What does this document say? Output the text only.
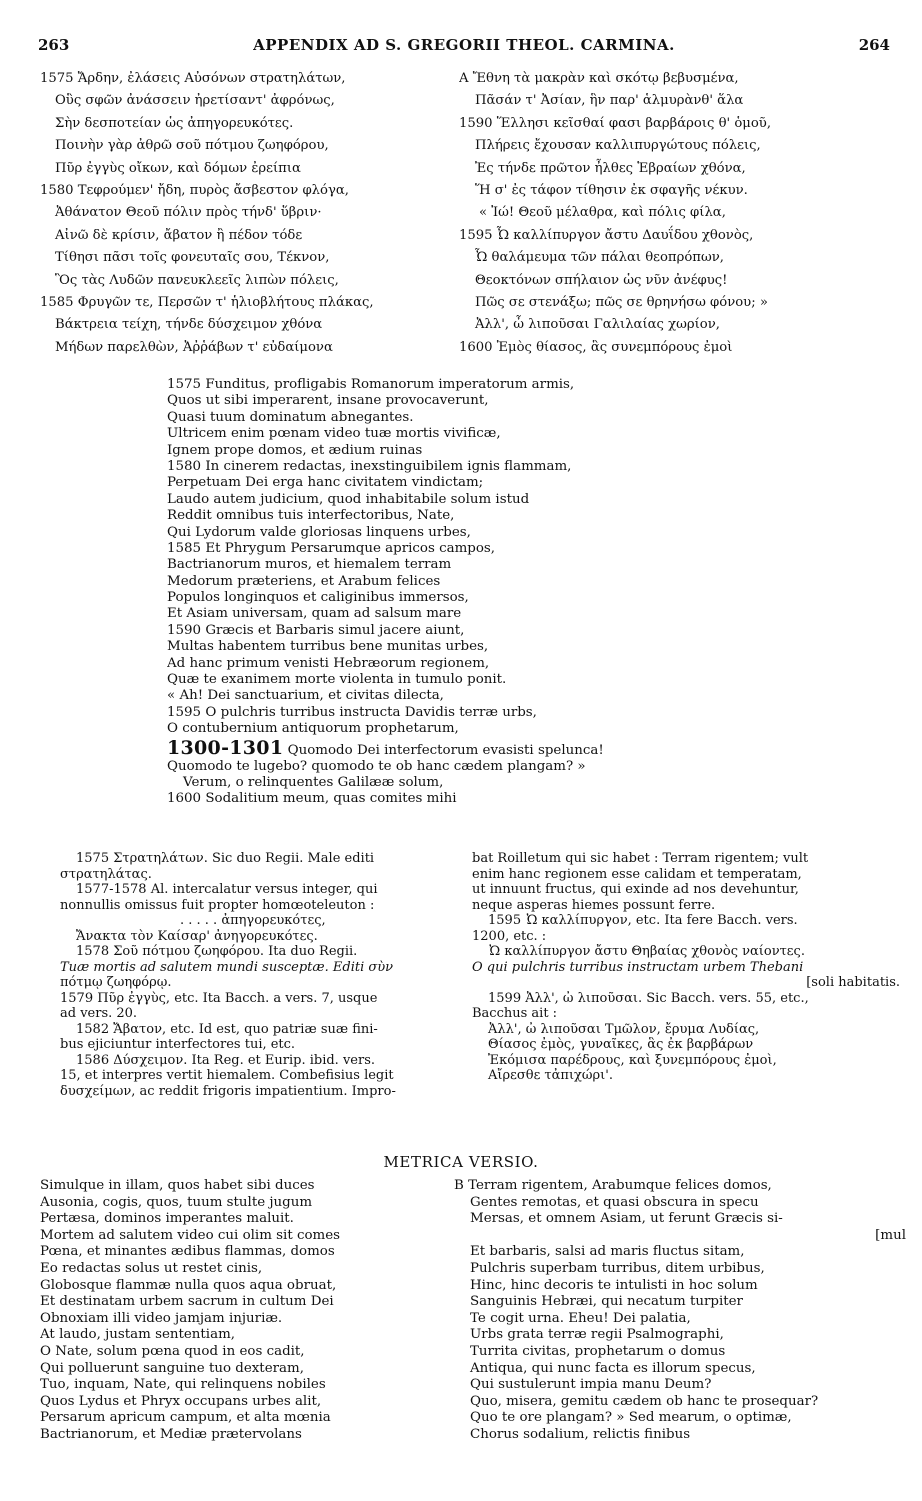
263	APPENDIX AD S. GREGORII THEOL. CARMINA.	264
1575 Ἄρδην, ἐλάσεις Αὐσόνων στρατηλάτων,
Οὓς σφῶν ἀνάσσειν ἠρετίσαντ' ἀφρόνως,
Σὴν δεσποτείαν ὡς ἀπηγορευκότες.
Ποινὴν γὰρ ἀθρῶ σοῦ πότμου ζωηφόρου,
Πῦρ ἐγγὺς οἴκων, καὶ δόμων ἐρείπια
1580 Τεφρούμεν' ἤδη, πυρὸς ἄσβεστον φλόγα,
Ἀθάνατον Θεοῦ πόλιν πρὸς τήνδ' ὕβριν·
Αἰνῶ δὲ κρίσιν, ἄβατον ἢ πέδον τόδε
Τίθησι πᾶσι τοῖς φονευταῖς σου, Τέκνον,
Ὃς τὰς Λυδῶν πανευκλεεῖς λιπὼν πόλεις,
1585 Φρυγῶν τε, Περσῶν τ' ἡλιοβλήτους πλάκας,
Βάκτρεια τείχη, τήνδε δύσχειμον χθόνα
Μήδων παρελθὼν, Ἀῤῥάβων τ' εὐδαίμονα
A Ἔθνη τὰ μακρὰν καὶ σκότῳ βεβυσμένα,
Πᾶσάν τ' Ἀσίαν, ἣν παρ' ἁλμυρὰνθ' ἅλα
1590 Ἕλλησι κεῖσθαί φασι βαρβάροις θ' ὁμοῦ,
Πλήρεις ἔχουσαν καλλιπυργώτους πόλεις,
Ἐς τήνδε πρῶτον ἦλθες Ἑβραίων χθόνα,
Ἥ σ' ἐς τάφον τίθησιν ἐκ σφαγῆς νέκυν.
« Ἰώ! Θεοῦ μέλαθρα, καὶ πόλις φίλα,
1595 Ὦ καλλίπυργον ἄστυ Δαυΐδου χθονὸς,
Ὦ θαλάμευμα τῶν πάλαι θεοπρόπων,
Θεοκτόνων σπήλαιον ὡς νῦν ἀνέφυς!
Πῶς σε στενάξω; πῶς σε θρηνήσω φόνου; »
Ἀλλ', ὦ λιποῦσαι Γαλιλαίας χωρίον,
1600 Ἐμὸς θίασος, ἃς συνεμπόρους ἐμοὶ
1575 Funditus, profligabis Romanorum imperatorum armis,
Quos ut sibi imperarent, insane provocaverunt,
Quasi tuum dominatum abnegantes.
Ultricem enim pœnam video tuæ mortis vivificæ,
Ignem prope domos, et ædium ruinas
1580 In cinerem redactas, inexstinguibilem ignis flammam,
Perpetuam Dei erga hanc civitatem vindictam;
Laudo autem judicium, quod inhabitabile solum istud
Reddit omnibus tuis interfectoribus, Nate,
Qui Lydorum valde gloriosas linquens urbes,
1585 Et Phrygum Persarumque apricos campos,
Bactrianorum muros, et hiemalem terram
Medorum præteriens, et Arabum felices
Populos longinquos et caliginibus immersos,
Et Asiam universam, quam ad salsum mare
1590 Græcis et Barbaris simul jacere aiunt,
Multas habentem turribus bene munitas urbes,
Ad hanc primum venisti Hebræorum regionem,
Quæ te exanimem morte violenta in tumulo ponit.
« Ah! Dei sanctuarium, et civitas dilecta,
1595 O pulchris turribus instructa Davidis terræ urbs,
O contubernium antiquorum prophetarum,
1300-1301 Quomodo Dei interfectorum evasisti spelunca!
Quomodo te lugebo? quomodo te ob hanc cædem plangam? »
Verum, o relinquentes Galilææ solum,
1600 Sodalitium meum, quas comites mihi
1575 Στρατηλάτων. Sic duo Regii. Male editi
στρατηλάτας.
1577-1578 Al. intercalatur versus integer, qui
nonnullis omissus fuit propter homœoteleuton :
. . . . . ἀπηγορευκότες,
Ἄνακτα τὸν Καίσαρ' ἀνηγορευκότες.
1578 Σοῦ πότμου ζωηφόρου. Ita duo Regii.
Tuæ mortis ad salutem mundi susceptæ. Editi σὺν
πότμῳ ζωηφόρῳ.
1579 Πῦρ ἐγγὺς, etc. Ita Bacch. a vers. 7, usque
ad vers. 20.
1582 Ἄβατον, etc. Id est, quo patriæ suæ fini-
bus ejiciuntur interfectores tui, etc.
1586 Δύσχειμον. Ita Reg. et Eurip. ibid. vers.
15, et interpres vertit hiemalem. Combefisius legit
δυσχείμων, ac reddit frigoris impatientium. Impro-
bat Roilletum qui sic habet : Terram rigentem; vult
enim hanc regionem esse calidam et temperatam,
ut innuunt fructus, qui exinde ad nos devehuntur,
neque asperas hiemes possunt ferre.
1595 Ὦ καλλίπυργον, etc. Ita fere Bacch. vers.
1200, etc. :
Ὦ καλλίπυργον ἄστυ Θηβαίας χθονὸς ναίοντες.
O qui pulchris turribus instructam urbem Thebani
[soli habitatis.
1599 Ἀλλ', ὦ λιποῦσαι. Sic Bacch. vers. 55, etc.,
Bacchus ait :
Ἀλλ', ὦ λιποῦσαι Τμῶλον, ἔρυμα Λυδίας,
Θίασος ἐμὸς, γυναῖκες, ἃς ἐκ βαρβάρων
Ἐκόμισα παρέδρους, καὶ ξυνεμπόρους ἐμοὶ,
Αἴρεσθε τἀπιχώρι'.
METRICA VERSIO.
Simulque in illam, quos habet sibi duces
Ausonia, cogis, quos, tuum stulte jugum
Pertæsa, dominos imperantes maluit.
Mortem ad salutem video cui olim sit comes
Pœna, et minantes ædibus flammas, domos
Eo redactas solus ut restet cinis,
Globosque flammæ nulla quos aqua obruat,
Et destinatam urbem sacrum in cultum Dei
Obnoxiam illi video jamjam injuriæ.
At laudo, justam sententiam,
O Nate, solum pœna quod in eos cadit,
Qui polluerunt sanguine tuo dexteram,
Tuo, inquam, Nate, qui relinquens nobiles
Quos Lydus et Phryx occupans urbes alit,
Persarum apricum campum, et alta mœnia
Bactrianorum, et Mediæ prætervolans
B Terram rigentem, Arabumque felices domos,
Gentes remotas, et quasi obscura in specu
Mersas, et omnem Asiam, ut ferunt Græcis si-
[mul
Et barbaris, salsi ad maris fluctus sitam,
Pulchris superbam turribus, ditem urbibus,
Hinc, hinc decoris te intulisti in hoc solum
Sanguinis Hebræi, qui necatum turpiter
Te cogit urna. Eheu! Dei palatia,
Urbs grata terræ regii Psalmographi,
Turrita civitas, prophetarum o domus
Antiqua, qui nunc facta es illorum specus,
Qui sustulerunt impia manu Deum?
Quo, misera, gemitu cædem ob hanc te prosequar?
Quo te ore plangam? » Sed mearum, o optimæ,
Chorus sodalium, relictis finibus
